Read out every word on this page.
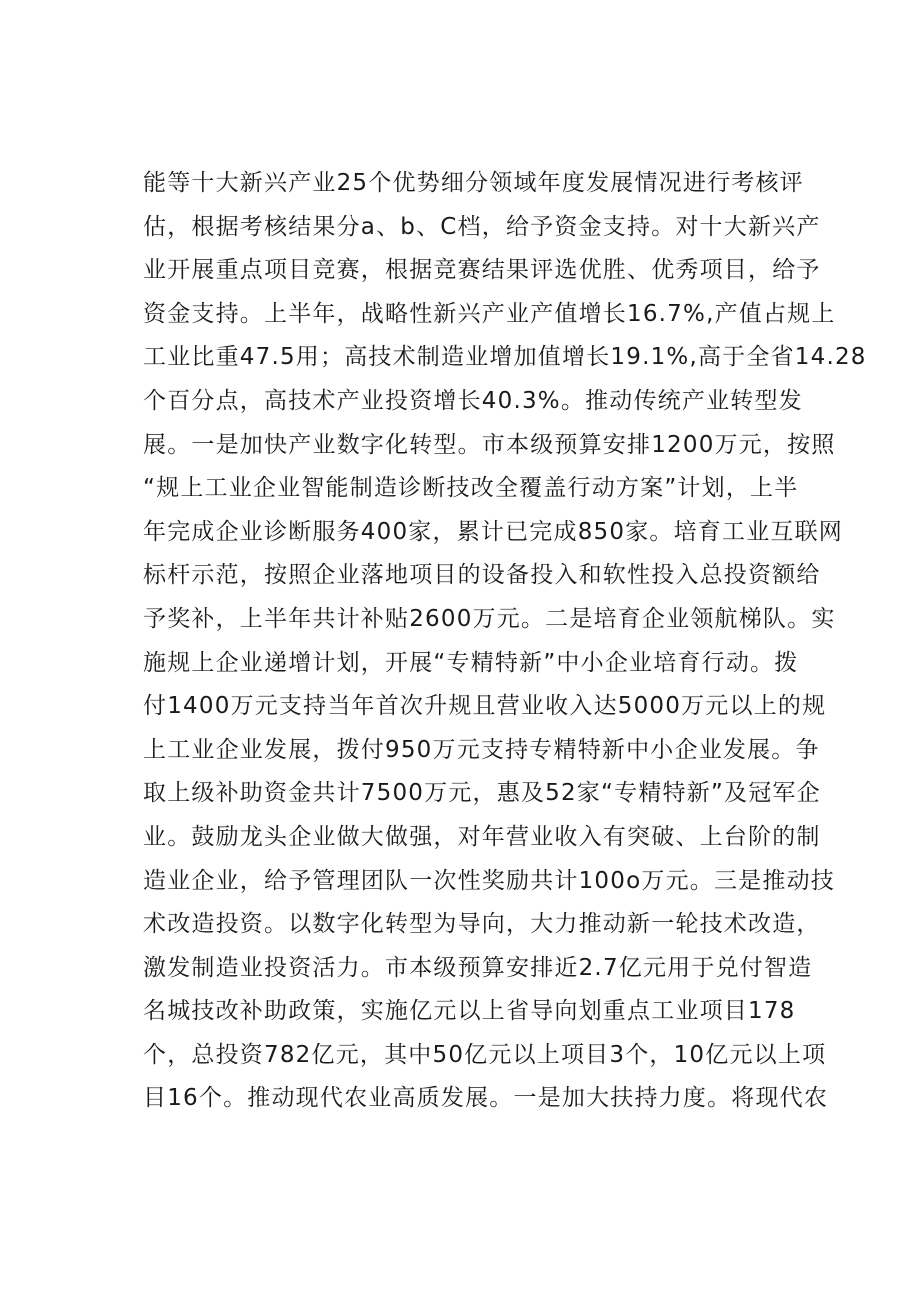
能等十大新兴产业25个优势细分领域年度发展情况进行考核评
估，根据考核结果分a、b、C档，给予资金支持。对十大新兴产
业开展重点项目竞赛，根据竞赛结果评选优胜、优秀项目，给予
资金支持。上半年，战略性新兴产业产值增长16.7%,产值占规上
工业比重47.5用；高技术制造业增加值增长19.1%,高于全省14.28
个百分点，高技术产业投资增长40.3%。推动传统产业转型发
展。一是加快产业数字化转型。市本级预算安排1200万元，按照
“规上工业企业智能制造诊断技改全覆盖行动方案”计划，上半
年完成企业诊断服务400家，累计已完成850家。培育工业互联网
标杆示范，按照企业落地项目的设备投入和软性投入总投资额给
予奖补，上半年共计补贴2600万元。二是培育企业领航梯队。实
施规上企业递增计划，开展“专精特新”中小企业培育行动。拨
付1400万元支持当年首次升规且营业收入达5000万元以上的规
上工业企业发展，拨付950万元支持专精特新中小企业发展。争
取上级补助资金共计7500万元，惠及52家“专精特新”及冠军企
业。鼓励龙头企业做大做强，对年营业收入有突破、上台阶的制
造业企业，给予管理团队一次性奖励共计100o万元。三是推动技
术改造投资。以数字化转型为导向，大力推动新一轮技术改造，
激发制造业投资活力。市本级预算安排近2.7亿元用于兑付智造
名城技改补助政策，实施亿元以上省导向划重点工业项目178
个，总投资782亿元，其中50亿元以上项目3个，10亿元以上项
目16个。推动现代农业高质发展。一是加大扶持力度。将现代农
